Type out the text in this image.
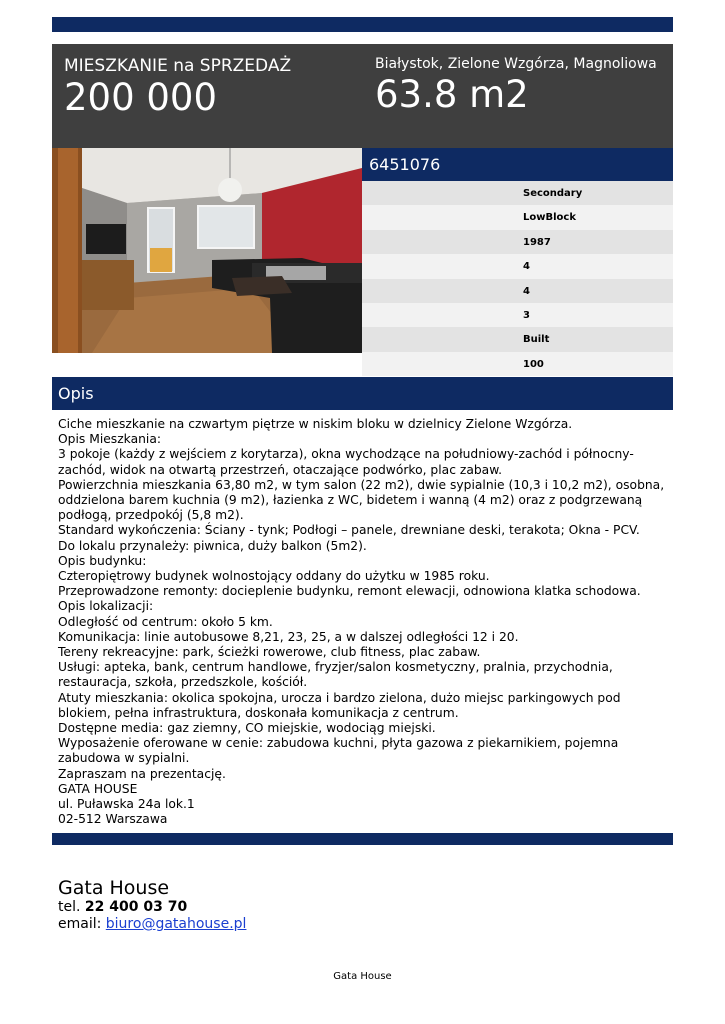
MIESZKANIE na SPRZEDAŻ
200 000
Białystok, Zielone Wzgórza, Magnoliowa
63.8 m2
6451076
Secondary
LowBlock
1987
4
4
3
Built
100
Opis
Ciche mieszkanie na czwartym piętrze w niskim bloku w dzielnicy Zielone Wzgórza.
Opis Mieszkania:
3 pokoje (każdy z wejściem z korytarza), okna wychodzące na południowy-zachód i północny-zachód, widok na otwartą przestrzeń, otaczające podwórko, plac zabaw.
Powierzchnia mieszkania 63,80 m2, w tym salon (22 m2), dwie sypialnie (10,3 i 10,2 m2), osobna, oddzielona barem kuchnia (9 m2), łazienka z WC, bidetem i wanną (4 m2) oraz z podgrzewaną podłogą, przedpokój (5,8 m2).
Standard wykończenia: Ściany - tynk; Podłogi – panele, drewniane deski, terakota; Okna - PCV.
Do lokalu przynależy: piwnica, duży balkon (5m2).
Opis budynku:
Czteropiętrowy budynek wolnostojący oddany do użytku w 1985 roku.
Przeprowadzone remonty: docieplenie budynku, remont elewacji, odnowiona klatka schodowa.
Opis lokalizacji:
Odległość od centrum: około 5 km.
Komunikacja: linie autobusowe 8,21, 23, 25, a w dalszej odległości 12 i 20.
Tereny rekreacyjne: park, ścieżki rowerowe, club fitness, plac zabaw.
Usługi: apteka, bank, centrum handlowe, fryzjer/salon kosmetyczny, pralnia, przychodnia, restauracja, szkoła, przedszkole, kościół.
Atuty mieszkania: okolica spokojna, urocza i bardzo zielona, dużo miejsc parkingowych pod blokiem, pełna infrastruktura, doskonała komunikacja z centrum.
Dostępne media: gaz ziemny, CO miejskie, wodociąg miejski.
Wyposażenie oferowane w cenie: zabudowa kuchni, płyta gazowa z piekarnikiem, pojemna zabudowa w sypialni.
Zapraszam na prezentację.
GATA HOUSE
ul. Puławska 24a lok.1
02-512 Warszawa
Gata House
tel. 22 400 03 70
email: biuro@gatahouse.pl
Gata House
